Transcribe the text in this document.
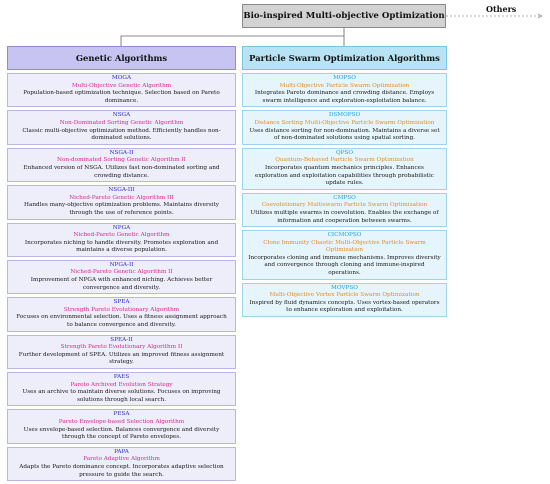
Bio-inspired Multi-objective Optimization
Others
Genetic Algorithms	Particle Swarm Optimization Algorithms
MOGA
Multi-Objective Genetic Algorithm
Population-based optimization technique. Selection based on Pareto dominance.
NSGA
Non-Dominated Sorting Genetic Algorithm
Classic multi-objective optimization method. Efficiently handles non-dominated solutions.
NSGA-II
Non-dominated Sorting Genetic Algorithm II
Enhanced version of NSGA. Utilizes fast non-dominated sorting and crowding distance.
NSGA-III
Niched-Pareto Genetic Algorithm III
Handles many-objective optimization problems. Maintains diversity through the use of reference points.
NPGA
Niched-Pareto Genetic Algorithm
Incorporates niching to handle diversity. Promotes exploration and maintains a diverse population.
NPGA-II
Niched-Pareto Genetic Algorithm II
Improvement of NPGA with enhanced niching. Achieves better convergence and diversity.
SPEA
Strength Pareto Evolutionary Algorithm
Focuses on environmental selection. Uses a fitness assignment approach to balance convergence and diversity.
SPEA-II
Strength Pareto Evolutionary Algorithm II
Further development of SPEA. Utilizes an improved fitness assignment strategy.
PAES
Pareto Archived Evolution Strategy
Uses an archive to maintain diverse solutions. Focuses on improving solutions through local search.
PESA
Pareto Envelope-based Selection Algorithm
Uses envelope-based selection. Balances convergence and diversity through the concept of Pareto envelopes.
PAPA
Pareto Adaptive Algorithm
Adapts the Pareto dominance concept. Incorporates adaptive selection pressure to guide the search.
MOPSO
Multi-Objective Particle Swarm Optimization
Integrates Pareto dominance and crowding distance. Employs swarm intelligence and exploration-exploitation balance.
DSMOPSO
Distance Sorting Multi-Objective Particle Swarm Optimization
Uses distance sorting for non-domination. Maintains a diverse set of non-dominated solutions using spatial sorting.
QPSO
Quantum-Behaved Particle Swarm Optimization
Incorporates quantum mechanics principles. Enhances exploration and exploitation capabilities through probabilistic update rules.
CMPSO
Coevolutionary Multiswarm Particle Swarm Optimization
Utilizes multiple swarms in coevolution. Enables the exchange of information and cooperation between swarms.
CICMOPSO
Clone Immunity Chaotic Multi-Objective Particle Swarm Optimization
Incorporates cloning and immune mechanisms. Improves diversity and convergence through cloning and immune-inspired operations.
MOVPSO
Multi-Objective Vortex Particle Swarm Optimization
Inspired by fluid dynamics concepts. Uses vortex-based operators to enhance exploration and exploitation.
